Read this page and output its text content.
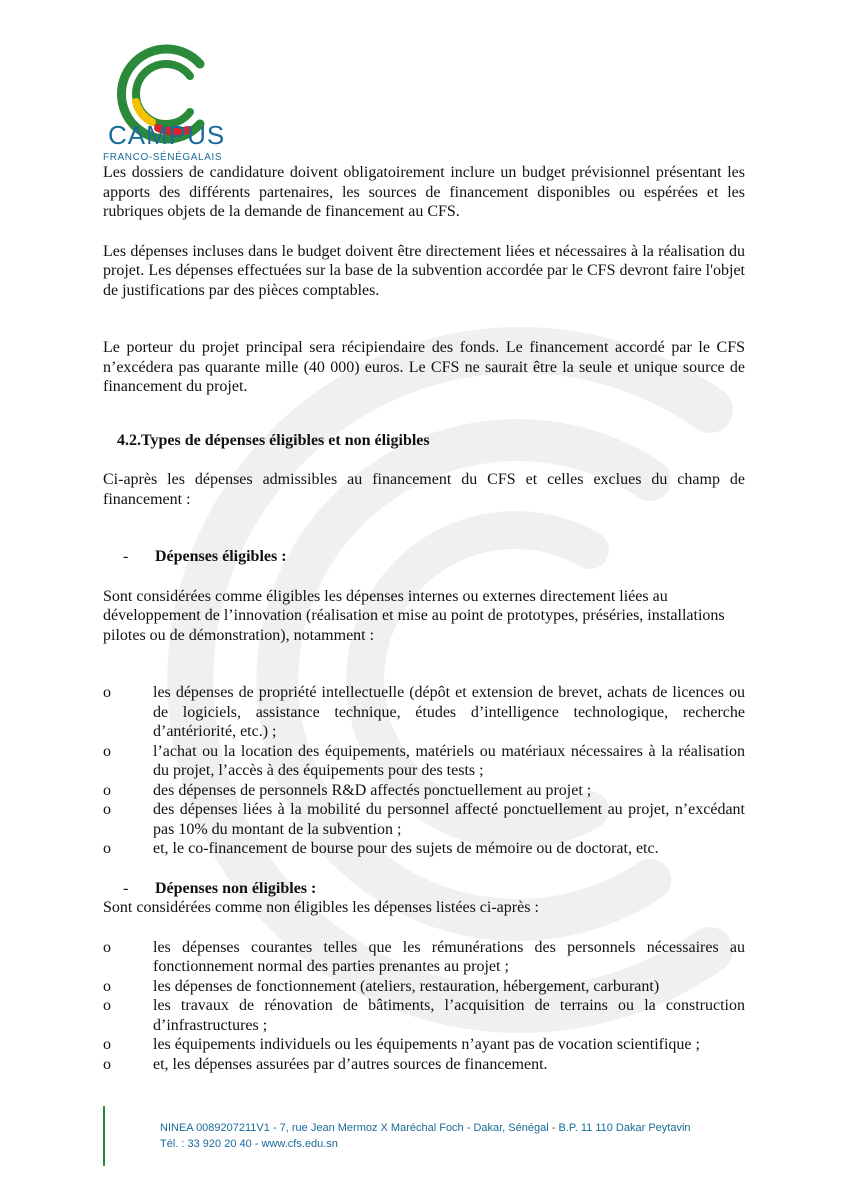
CAMPUS
FRANCO-SÉNÉGALAIS

Les dossiers de candidature doivent obligatoirement inclure un budget prévisionnel présentant les apports des différents partenaires, les sources de financement disponibles ou espérées et les rubriques objets de la demande de financement au CFS.

Les dépenses incluses dans le budget doivent être directement liées et nécessaires à la réalisation du projet. Les dépenses effectuées sur la base de la subvention accordée par le CFS devront faire l'objet de justifications par des pièces comptables.

Le porteur du projet principal sera récipiendaire des fonds. Le financement accordé par le CFS n’excédera pas quarante mille (40 000) euros. Le CFS ne saurait être la seule et unique source de financement du projet.

4.2.Types de dépenses éligibles et non éligibles

Ci-après les dépenses admissibles au financement du CFS et celles exclues du champ de financement :

-	Dépenses éligibles :

Sont considérées comme éligibles les dépenses internes ou externes directement liées au développement de l’innovation (réalisation et mise au point de prototypes, préséries, installations pilotes ou de démonstration), notamment :

o	les dépenses de propriété intellectuelle (dépôt et extension de brevet, achats de licences ou de logiciels, assistance technique, études d’intelligence technologique, recherche d’antériorité, etc.) ;
o	l’achat ou la location des équipements, matériels ou matériaux nécessaires à la réalisation du projet, l’accès à des équipements pour des tests ;
o	des dépenses de personnels R&D affectés ponctuellement au projet ;
o	des dépenses liées à la mobilité du personnel affecté ponctuellement au projet, n’excédant pas 10% du montant de la subvention ;
o	et, le co-financement de bourse pour des sujets de mémoire ou de doctorat, etc.
-	Dépenses non éligibles :

Sont considérées comme non éligibles les dépenses listées ci-après :

o	les dépenses courantes telles que les rémunérations des personnels nécessaires au fonctionnement normal des parties prenantes au projet ;
o	les dépenses de fonctionnement (ateliers, restauration, hébergement, carburant)
o	les travaux de rénovation de bâtiments, l’acquisition de terrains ou la construction d’infrastructures ;
o	les équipements individuels ou les équipements n’ayant pas de vocation scientifique ;
o	et, les dépenses assurées par d’autres sources de financement.
NINEA 0089207211V1 - 7, rue Jean Mermoz X Maréchal Foch - Dakar, Sénégal - B.P. 11 110 Dakar Peytavin
Tél. : 33 920 20 40 - www.cfs.edu.sn
